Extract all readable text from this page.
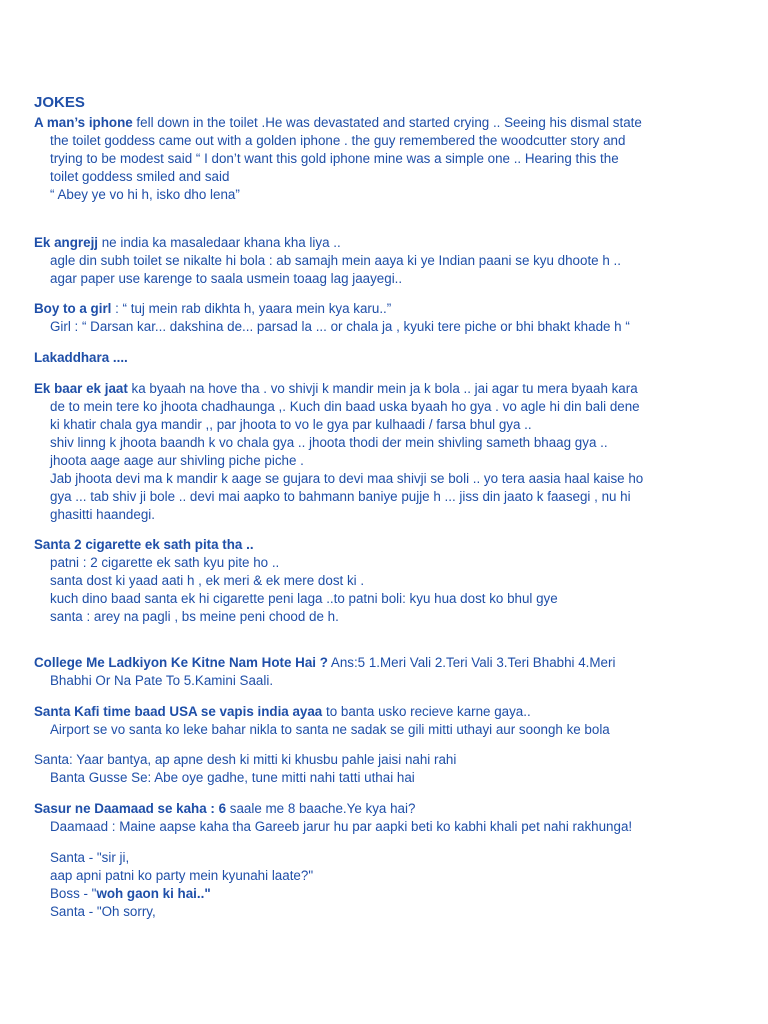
JOKES
A man’s iphone fell down in the toilet .He was devastated and started crying .. Seeing his dismal state
the toilet goddess came out with a golden iphone . the guy remembered the woodcutter story and
trying to be modest said “ I don’t want this gold iphone mine was a simple one .. Hearing this the
toilet goddess smiled and said
“ Abey ye vo hi h, isko dho lena”
Ek angrejj ne india ka masaledaar khana kha liya ..
agle din subh toilet se nikalte hi bola : ab samajh mein aaya ki ye Indian paani se kyu dhoote h ..
agar paper use karenge to saala usmein toaag lag jaayegi..
Boy to a girl : “ tuj mein rab dikhta h, yaara mein kya karu..”
Girl : “ Darsan kar... dakshina de... parsad la ... or chala ja , kyuki tere piche or bhi bhakt khade h “
Lakaddhara ....
Ek baar ek jaat ka byaah na hove tha . vo shivji k mandir mein ja k bola .. jai agar tu mera byaah kara
de to mein tere ko jhoota chadhaunga ,. Kuch din baad uska byaah ho gya . vo agle hi din bali dene
ki khatir chala gya mandir ,, par jhoota to vo le gya par kulhaadi / farsa bhul gya ..
shiv linng k jhoota baandh k vo chala gya .. jhoota thodi der mein shivling sameth bhaag gya ..
jhoota aage aage aur shivling piche piche .
Jab jhoota devi ma k mandir k aage se gujara to devi maa shivji se boli .. yo tera aasia haal kaise ho
gya ... tab shiv ji bole .. devi mai aapko to bahmann baniye pujje h ... jiss din jaato k faasegi , nu hi
ghasitti haandegi.
Santa 2 cigarette ek sath pita tha ..
patni : 2 cigarette ek sath kyu pite ho ..
santa dost ki yaad aati h , ek meri & ek mere dost ki .
kuch dino baad santa ek hi cigarette peni laga ..to patni boli: kyu hua dost ko bhul gye
santa : arey na pagli , bs meine peni chood de h.
College Me Ladkiyon Ke Kitne Nam Hote Hai ? Ans:5 1.Meri Vali 2.Teri Vali 3.Teri Bhabhi 4.Meri
Bhabhi Or Na Pate To 5.Kamini Saali.
Santa Kafi time baad USA se vapis india ayaa to banta usko recieve karne gaya..
Airport se vo santa ko leke bahar nikla to santa ne sadak se gili mitti uthayi aur soongh ke bola
Santa: Yaar bantya, ap apne desh ki mitti ki khusbu pahle jaisi nahi rahi
Banta Gusse Se: Abe oye gadhe, tune mitti nahi tatti uthai hai
Sasur ne Daamaad se kaha : 6 saale me 8 baache.Ye kya hai?
Daamaad : Maine aapse kaha tha Gareeb jarur hu par aapki beti ko kabhi khali pet nahi rakhunga!
Santa - "sir ji,
aap apni patni ko party mein kyunahi laate?"
Boss - "woh gaon ki hai.."
Santa - "Oh sorry,
